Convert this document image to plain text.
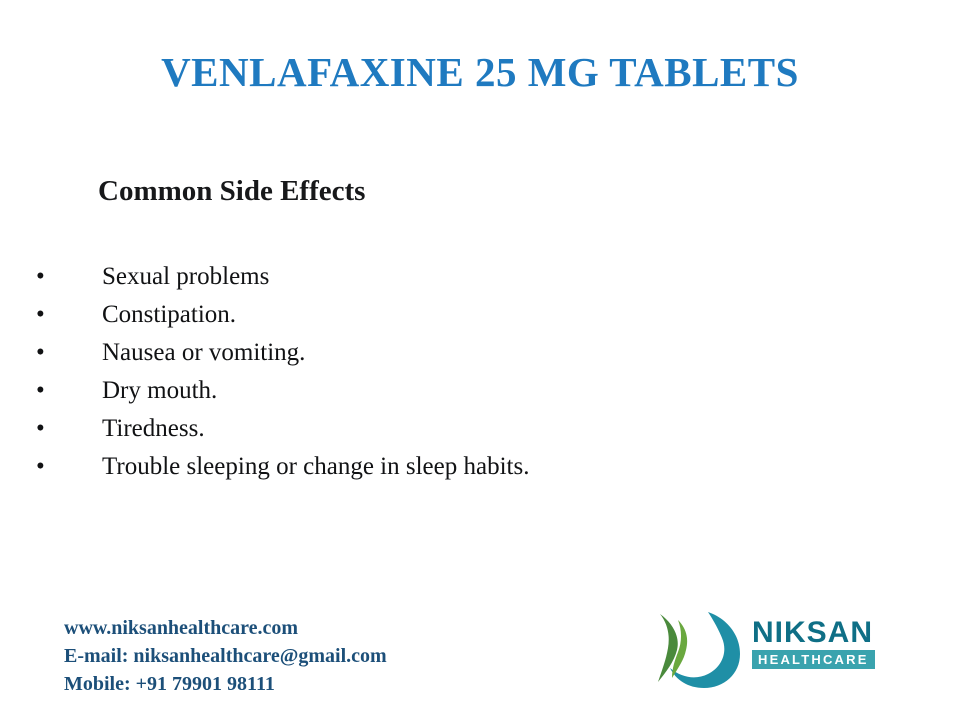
VENLAFAXINE 25 MG TABLETS
Common Side Effects
•	Sexual problems
•	Constipation.
•	Nausea or vomiting.
•	Dry mouth.
•	Tiredness.
•	Trouble sleeping or change in sleep habits.
www.niksanhealthcare.com
E-mail: niksanhealthcare@gmail.com
Mobile: +91 79901 98111
NIKSAN
HEALTHCARE
